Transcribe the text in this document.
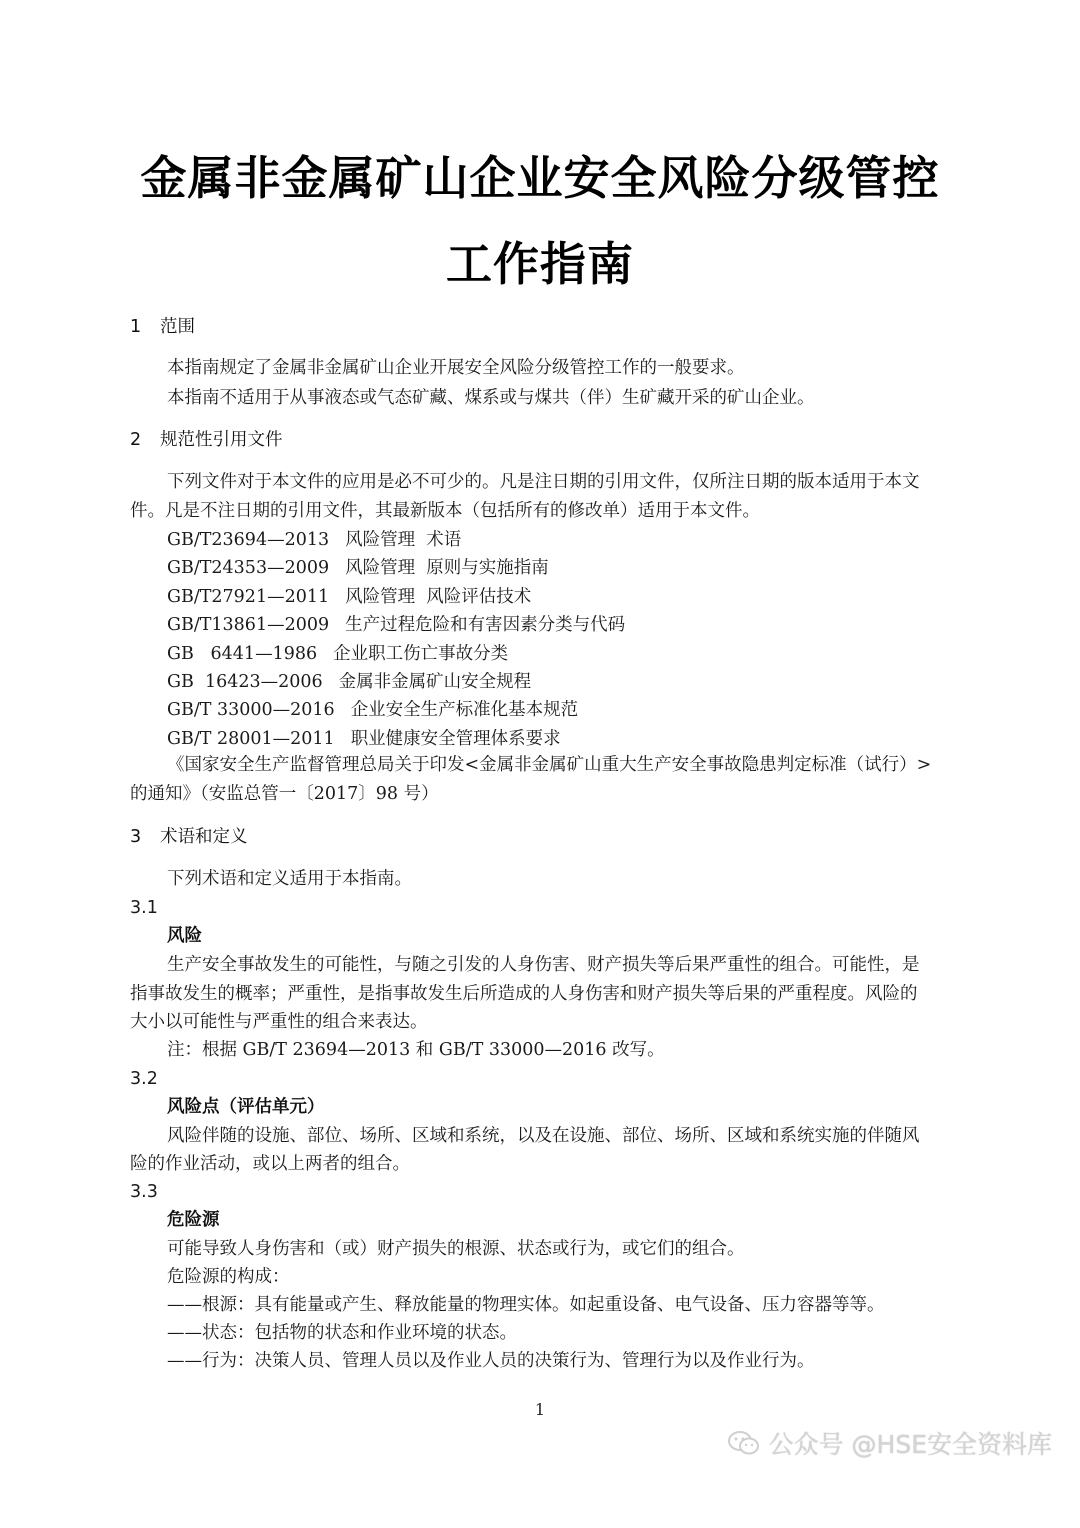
金属非金属矿山企业安全风险分级管控
工作指南
1 范围
本指南规定了金属非金属矿山企业开展安全风险分级管控工作的一般要求。
本指南不适用于从事液态或气态矿藏、煤系或与煤共（伴）生矿藏开采的矿山企业。
2 规范性引用文件
下列文件对于本文件的应用是必不可少的。凡是注日期的引用文件，仅所注日期的版本适用于本文
件。凡是不注日期的引用文件，其最新版本（包括所有的修改单）适用于本文件。
GB/T23694—2013 风险管理  术语
GB/T24353—2009 风险管理  原则与实施指南
GB/T27921—2011 风险管理  风险评估技术
GB/T13861—2009 生产过程危险和有害因素分类与代码
GB   6441—1986 企业职工伤亡事故分类
GB  16423—2006 金属非金属矿山安全规程
GB/T 33000—2016 企业安全生产标准化基本规范
GB/T 28001—2011 职业健康安全管理体系要求
《国家安全生产监督管理总局关于印发<金属非金属矿山重大生产安全事故隐患判定标准（试行）>
的通知》（安监总管一〔2017〕98 号）
3 术语和定义
下列术语和定义适用于本指南。
3.1
风险
生产安全事故发生的可能性，与随之引发的人身伤害、财产损失等后果严重性的组合。可能性，是
指事故发生的概率；严重性，是指事故发生后所造成的人身伤害和财产损失等后果的严重程度。风险的
大小以可能性与严重性的组合来表达。
注：根据 GB/T 23694—2013 和 GB/T 33000—2016 改写。
3.2
风险点（评估单元）
风险伴随的设施、部位、场所、区域和系统，以及在设施、部位、场所、区域和系统实施的伴随风
险的作业活动，或以上两者的组合。
3.3
危险源
可能导致人身伤害和（或）财产损失的根源、状态或行为，或它们的组合。
危险源的构成：
——根源：具有能量或产生、释放能量的物理实体。如起重设备、电气设备、压力容器等等。
——状态：包括物的状态和作业环境的状态。
——行为：决策人员、管理人员以及作业人员的决策行为、管理行为以及作业行为。
1
公众号 @HSE安全资料库
